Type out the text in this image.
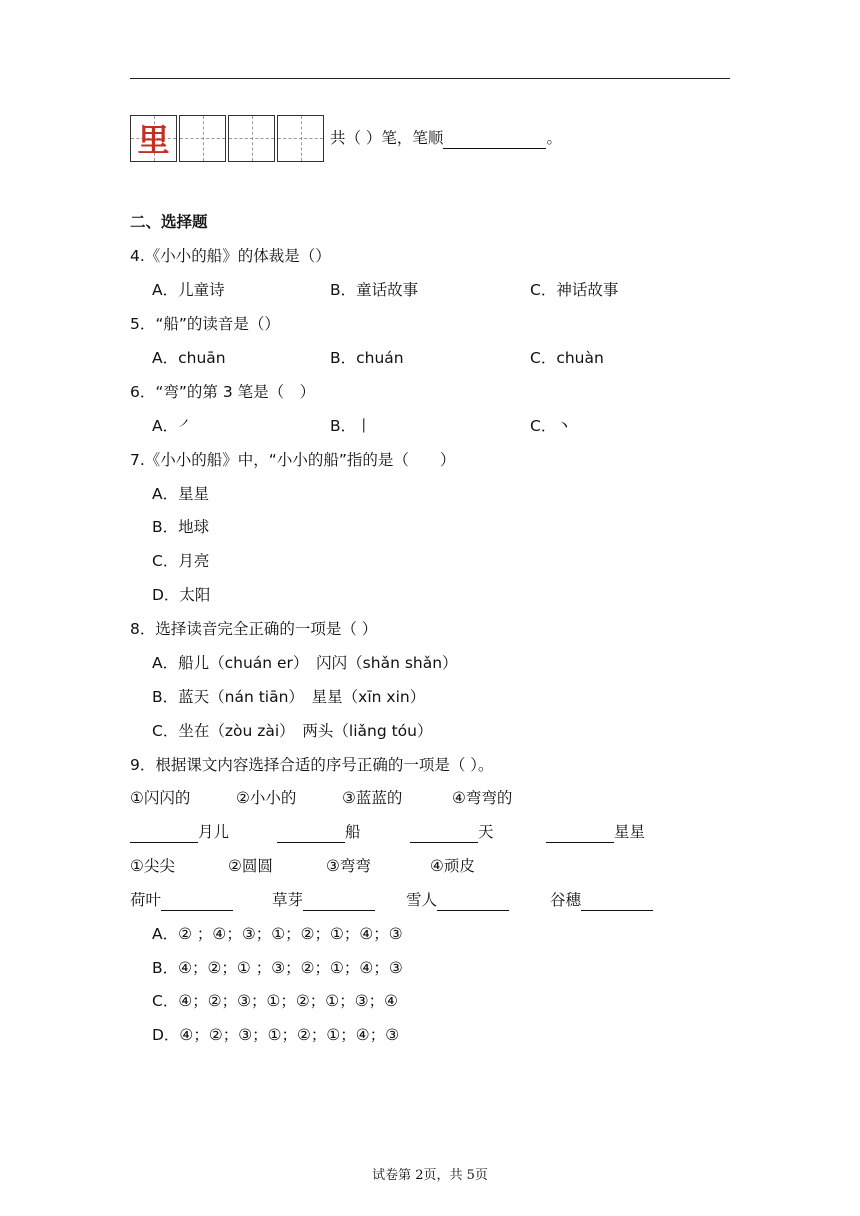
里	共（ ）笔，笔顺	。
二、选择题
4.《小小的船》的体裁是（）
A．儿童诗	B．童话故事	C．神话故事
5．“船”的读音是（）
A．chuān	B．chuán	C．chuàn
6．“弯”的第 3 笔是（　）
A．㇒	B．丨	C．丶
7.《小小的船》中，“小小的船”指的是（　　）
A．星星
B．地球
C．月亮
D．太阳
8．选择读音完全正确的一项是（ ）
A．船儿（chuán er）　闪闪（shǎn shǎn）
B．蓝天（nán tiān）　星星（xīn xin）
C．坐在（zòu zài）　两头（liǎng tóu）
9．根据课文内容选择合适的序号正确的一项是（ ）。
①闪闪的	②小小的	③蓝蓝的	④弯弯的
月儿	船	天	星星
①尖尖	②圆圆	③弯弯	④顽皮
荷叶	草芽	雪人	谷穗
A．② ；④；③；①；②；①；④；③
B．④；②；① ；③；②；①；④；③
C．④；②；③；①；②；①；③；④
D．④；②；③；①；②；①；④；③
试卷第 2页，共 5页
